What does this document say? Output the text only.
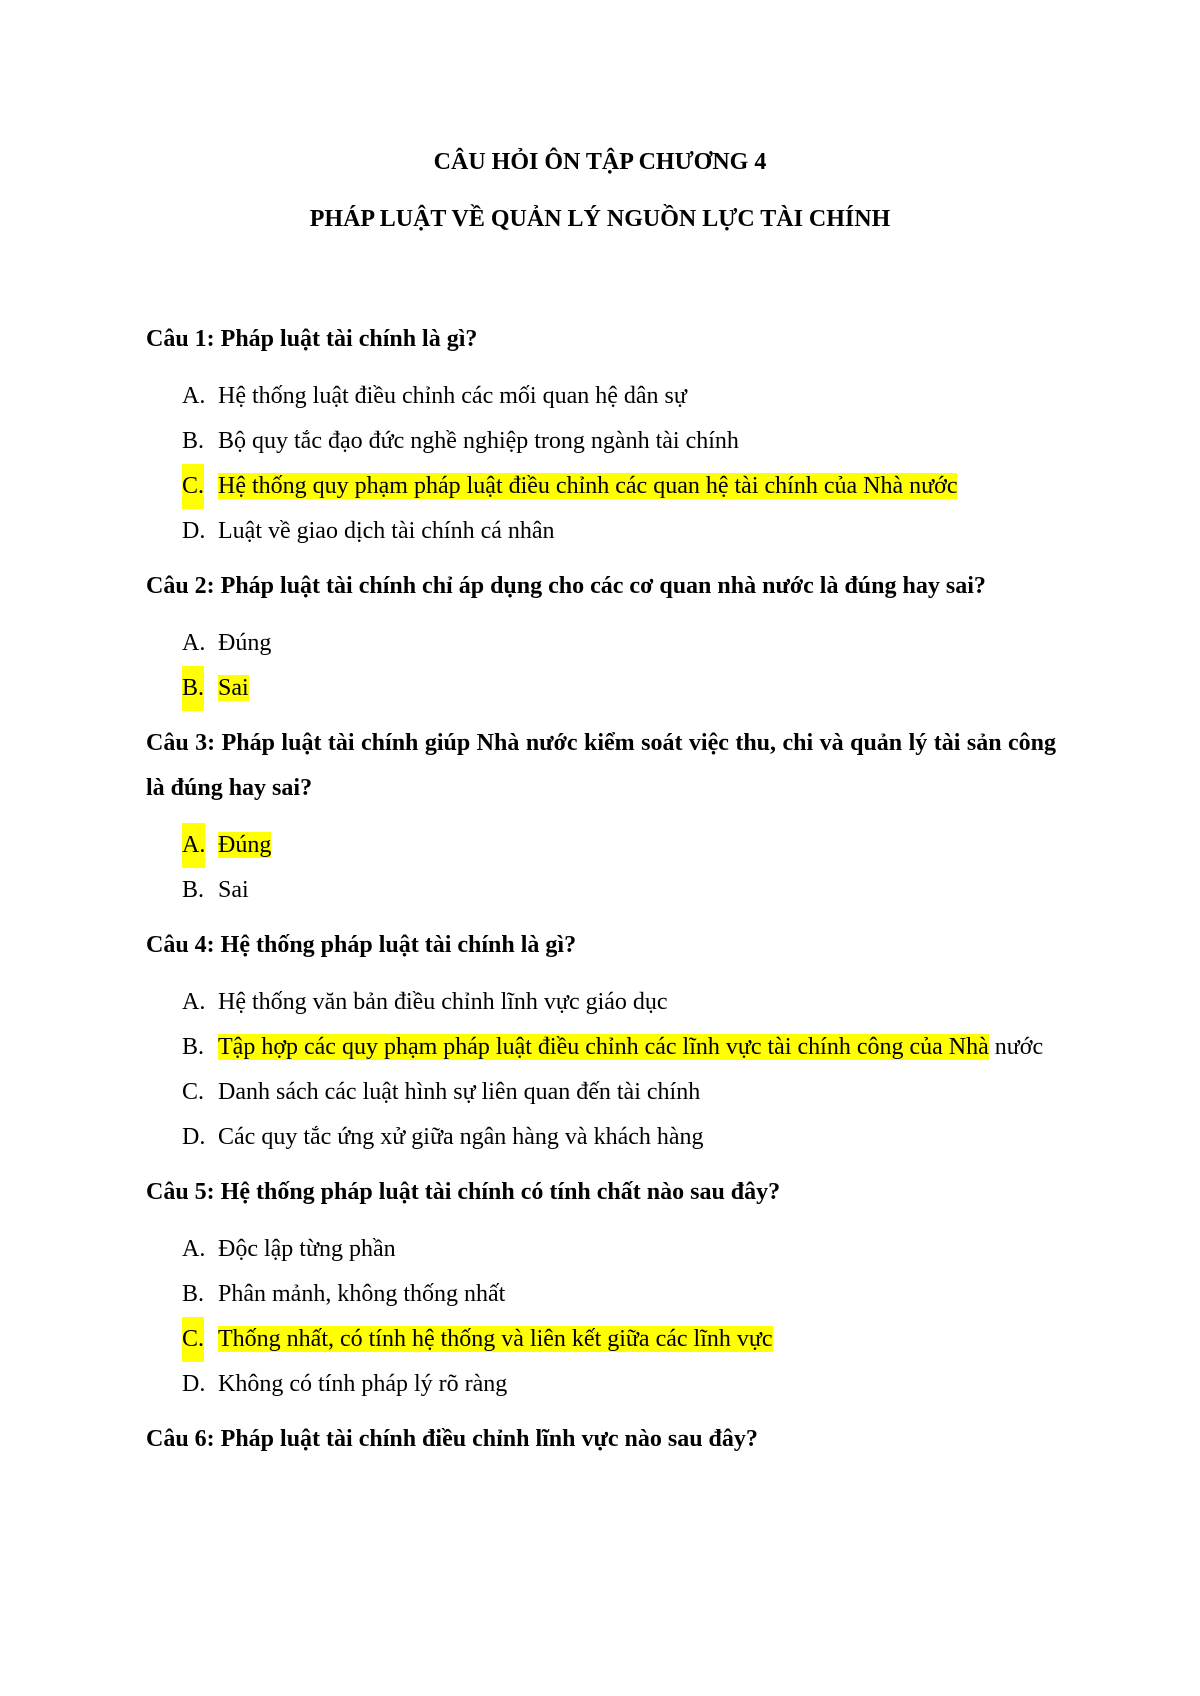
CÂU HỎI ÔN TẬP CHƯƠNG 4
PHÁP LUẬT VỀ QUẢN LÝ NGUỒN LỰC TÀI CHÍNH

Câu 1: Pháp luật tài chính là gì?

A. Hệ thống luật điều chỉnh các mối quan hệ dân sự
B. Bộ quy tắc đạo đức nghề nghiệp trong ngành tài chính
C. Hệ thống quy phạm pháp luật điều chỉnh các quan hệ tài chính của Nhà nước
D. Luật về giao dịch tài chính cá nhân

Câu 2: Pháp luật tài chính chỉ áp dụng cho các cơ quan nhà nước là đúng hay sai?

A. Đúng
B. Sai

Câu 3: Pháp luật tài chính giúp Nhà nước kiểm soát việc thu, chi và quản lý tài sản công là đúng hay sai?

A. Đúng
B. Sai

Câu 4: Hệ thống pháp luật tài chính là gì?

A. Hệ thống văn bản điều chỉnh lĩnh vực giáo dục
B. Tập hợp các quy phạm pháp luật điều chỉnh các lĩnh vực tài chính công của Nhà nước
C. Danh sách các luật hình sự liên quan đến tài chính
D. Các quy tắc ứng xử giữa ngân hàng và khách hàng

Câu 5: Hệ thống pháp luật tài chính có tính chất nào sau đây?

A. Độc lập từng phần
B. Phân mảnh, không thống nhất
C. Thống nhất, có tính hệ thống và liên kết giữa các lĩnh vực
D. Không có tính pháp lý rõ ràng

Câu 6: Pháp luật tài chính điều chỉnh lĩnh vực nào sau đây?
